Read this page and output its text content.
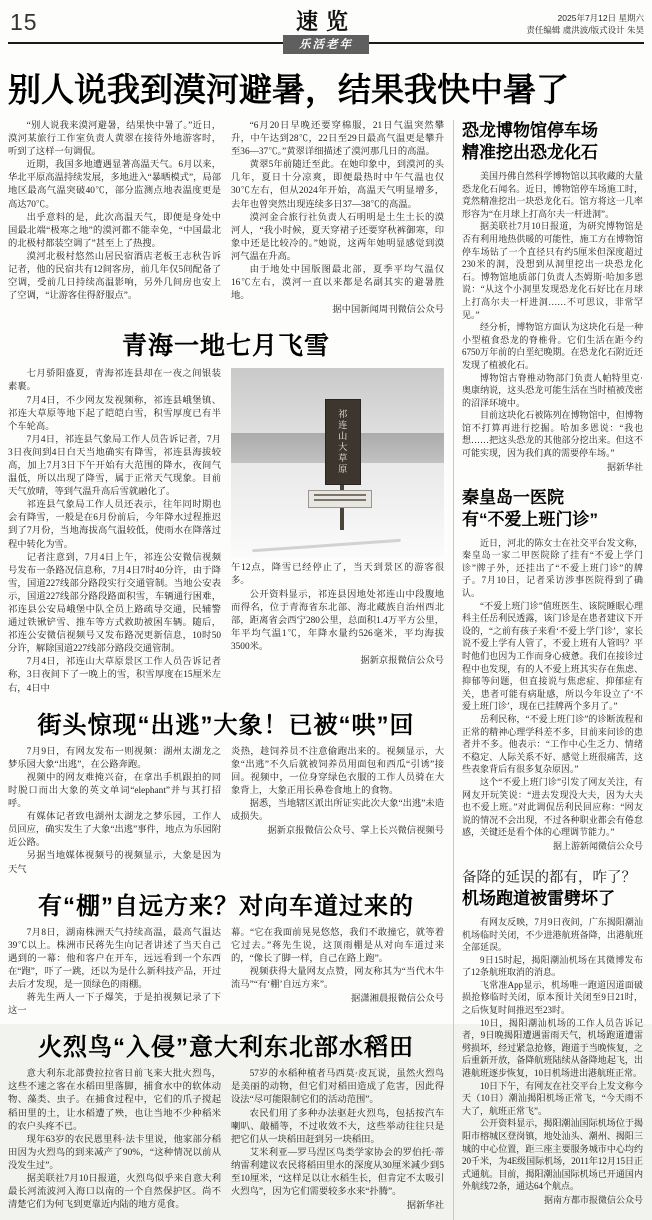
15	速览	2025年7月12日 星期六
责任编辑 虞洪波/版式设计 朱昊
乐活老年
别人说我到漠河避暑，结果我快中暑了

“别人说我来漠河避暑，结果快中暑了。”近日，漠河某旅行工作室负责人黄翠在接待外地游客时，听到了这样一句调侃。

近期，我国多地遭遇显著高温天气。6月以来，华北平原高温持续发展，多地进入“暴晒模式”，局部地区最高气温突破40℃，部分监测点地表温度更是高达70℃。

出乎意料的是，此次高温天气，即便是身处中国最北端“极寒之地”的漠河都不能幸免，“中国最北的北极村都装空调了”甚至上了热搜。

漠河北极村悠然山居民宿酒店老板王志秋告诉记者，他的民宿共有12间客房，前几年仅5间配备了空调，受前几日持续高温影响，另外几间房也安上了空调，“让游客住得舒服点”。

“6月20日早晚还要穿棉服，21日气温突然攀升，中午达到28℃，22日至29日最高气温更是攀升至36—37℃。”黄翠详细描述了漠河那几日的高温。

黄翠5年前随迁至此。在她印象中，到漠河的头几年，夏日十分凉爽，即便最热时中午气温也仅30℃左右，但从2024年开始，高温天气明显增多，去年也曾突然出现连续多日37—38℃的高温。

漠河金合旅行社负责人石明明是土生土长的漠河人，“我小时候，夏天穿裙子还要穿秋裤御寒，印象中还是比较冷的。”她说，这两年她明显感觉到漠河气温在升高。

由于地处中国版图最北部，夏季平均气温仅16℃左右，漠河一直以来都是名副其实的避暑胜地。

据中国新闻周刊微信公众号
青海一地七月飞雪

七月骄阳盛夏，青海祁连县却在一夜之间银装素裹。

7月4日，不少网友发视频称，祁连县峨堡镇、祁连大草原等地下起了皑皑白雪，积雪厚度已有半个车轮高。

7月4日，祁连县气象局工作人员告诉记者，7月3日夜间到4日白天当地确实有降雪，祁连县海拔较高，加上7月3日下午开始有大范围的降水，夜间气温低，所以出现了降雪，属于正常天气现象。目前天气放晴，等到气温升高后雪就融化了。

祁连县气象局工作人员还表示，往年同时期也会有降雪，一般是在6月份前后，今年降水过程推迟到了7月份，当地海拔高气温较低，使雨水在降落过程中转化为雪。

记者注意到，7月4日上午，祁连公安微信视频号发布一条路况信息称，7月4日7时40分许，由于降雪，国道227线部分路段实行交通管制。当地公安表示，国道227线部分路段路面积雪，车辆通行困难，祁连县公安局峨堡中队全员上路疏导交通，民辅警通过铁锹铲雪、推车等方式救助被困车辆。随后，祁连公安微信视频号又发布路况更新信息，10时50分许，解除国道227线部分路段交通管制。

7月4日，祁连山大草原景区工作人员告诉记者称，3日夜间下了一晚上的雪，积雪厚度在15厘米左右，4日中

祁连山大草原

午12点，降雪已经停止了，当天到景区的游客很多。

公开资料显示，祁连县因地处祁连山中段腹地而得名，位于青海省东北部、海北藏族自治州西北部，距离省会西宁280公里，总面积1.4万平方公里，年平均气温1℃，年降水量约526毫米，平均海拔3500米。

据新京报微信公众号
街头惊现“出逃”大象！已被“哄”回

7月9日，有网友发布一则视频：湖州太湖龙之梦乐园大象“出逃”，在公路奔跑。

视频中的网友难掩兴奋，在拿出手机跟拍的同时脱口而出大象的英文单词“elephant”并与其打招呼。

有媒体记者致电湖州太湖龙之梦乐园，工作人员回应，确实发生了大象“出逃”事件，地点为乐园附近公路。

另据当地媒体视频号的视频显示，大象是因为天气

炎热，趁饲养员不注意偷跑出来的。视频显示，大象“出逃”不久后就被饲养员用面包和西瓜“引诱”接回。视频中，一位身穿绿色衣服的工作人员骑在大象背上，大象正用长鼻卷食地上的食物。

据悉，当地辖区派出所证实此次大象“出逃”未造成损失。

据新京报微信公众号、掌上长兴微信视频号
有“棚”自远方来？对向车道过来的

7月8日，湖南株洲天气持续高温，最高气温达39℃以上。株洲市民蒋先生向记者讲述了当天自己遇到的一幕：他和客户在开车，远远看到一个东西在“跑”，吓了一跳，还以为是什么新科技产品，开过去后才发现，是一顶绿色的雨棚。

蒋先生两人一下子爆笑，于是拍视频记录了下这一

幕。“它在我面前晃晃悠悠，我们不敢撞它，就等着它过去。”蒋先生说，这顶雨棚是从对向车道过来的，“像长了脚一样，自己在路上跑”。

视频获得大量网友点赞，网友称其为“当代木牛流马”“有‘棚’自远方来”。

据潇湘晨报微信公众号
火烈鸟“入侵”意大利东北部水稻田

意大利东北部费拉拉省日前飞来大批火烈鸟，这些不速之客在水稻田里落脚，捕食水中的软体动物、藻类、虫子。在捕食过程中，它们的爪子搅起稻田里的土，让水稻遭了殃，也让当地不少种稻米的农户头疼不已。

现年63岁的农民恩里科·法卡里说，他家部分稻田因为火烈鸟的到来减产了90%，“这种情况以前从没发生过”。

据美联社7月10日报道，火烈鸟似乎来自意大利最长河流波河入海口以南的一个自然保护区。尚不清楚它们为何飞到更靠近内陆的地方觅食。

57岁的水稻种植者马西莫·皮瓦说，虽然火烈鸟是美丽的动物，但它们对稻田造成了危害，因此得设法“尽可能限制它们的活动范围”。

农民们用了多种办法驱赶火烈鸟，包括按汽车喇叭、敲桶等，不过收效不大，这些举动往往只是把它们从一块稻田赶到另一块稻田。

艾米利亚—罗马涅区鸟类学家协会的罗伯托·蒂纳雷利建议农民将稻田里水的深度从30厘米减少到5至10厘米，“这样足以让水稻生长，但肯定不太吸引火烈鸟”，因为它们需要较多水来“扑腾”。

据新华社
恐龙博物馆停车场
精准挖出恐龙化石

美国丹佛自然科学博物馆以其收藏的大量恐龙化石闻名。近日，博物馆停车场施工时，竟然精准挖出一块恐龙化石。馆方将这一几率形容为“在月球上打高尔夫一杆进洞”。

据美联社7月10日报道，为研究博物馆是否有利用地热供暖的可能性，施工方在博物馆停车场钻了一个直径只有约5厘米但深度超过230米的洞，没想到从洞里挖出一块恐龙化石。博物馆地质部门负责人杰姆斯·哈加多恩说：“从这个小洞里发现恐龙化石好比在月球上打高尔夫一杆进洞……不可思议，非常罕见。”

经分析，博物馆方面认为这块化石是一种小型植食恐龙的脊椎骨。它们生活在距今约6750万年前的白垩纪晚期。在恐龙化石附近还发现了植被化石。

博物馆古脊椎动物部门负责人帕特里克·奥康纳说，这头恐龙可能生活在当时植被茂密的沼泽环境中。

目前这块化石被陈列在博物馆中，但博物馆不打算再进行挖掘。哈加多恩说：“我也想……把这头恐龙的其他部分挖出来。但这不可能实现，因为我们真的需要停车场。”

据新华社
秦皇岛一医院
有“不爱上班门诊”

近日，河北的陈女士在社交平台发文称，秦皇岛一家二甲医院除了挂有“不爱上学门诊”牌子外，还挂出了“不爱上班门诊”的牌子。7月10日，记者采访涉事医院得到了确认。

“不爱上班门诊”值班医生、该院睡眠心理科主任岳利民透露，该门诊是在患者建议下开设的，“之前有孩子来看‘不爱上学门诊’，家长说不爱上学有人管了，不爱上班有人管吗？平时他们也因为工作而身心疲惫。我们在接诊过程中也发现，有的人不爱上班其实存在焦虑、抑郁等问题，但直接说与焦虑症、抑郁症有关，患者可能有病耻感，所以今年设立了‘不爱上班门诊’，现在已挂牌两个多月了。”

岳利民称，“不爱上班门诊”的诊断流程和正常的精神心理学科差不多，目前来问诊的患者并不多。他表示：“工作中心生乏力、情绪不稳定、人际关系不好、感觉上班很痛苦，这些表象背后有很多复杂原因。”

这个“不爱上班门诊”引发了网友关注，有网友开玩笑说：“进去发现没大夫，因为大夫也不爱上班。”对此调侃岳利民回应称：“网友说的情况不会出现，不过各种职业都会有倦怠感，关键还是看个体的心理调节能力。”

据上游新闻微信公众号
备降的延误的都有，咋了？
机场跑道被雷劈坏了

有网友反映，7月9日夜间，广东揭阳潮汕机场临时关闭，不少进港航班备降，出港航班全部延误。

9日15时起，揭阳潮汕机场在其微博发布了12条航班取消的消息。

飞常准App显示，机场唯一跑道因道面破损抢修临时关闭，原本预计关闭至9日21时，之后恢复时间推迟至23时。

10日，揭阳潮汕机场的工作人员告诉记者，9日晚揭阳遭遇雷雨天气，机场跑道遭雷劈损坏，经过紧急抢修，跑道于当晚恢复，之后重新开放，备降航班陆续从备降地起飞，出港航班逐步恢复，10日机场进出港航班正常。

10日下午，有网友在社交平台上发文称今天（10日）潮汕揭阳机场正常飞，“今天雨不大了，航班正常飞”。

公开资料显示，揭阳潮汕国际机场位于揭阳市榕城区登岗镇，地处汕头、潮州、揭阳三城的中心位置，距三座主要服务城市中心均约20千米，为4E级国际机场，2011年12月15日正式通航。目前，揭阳潮汕国际机场已开通国内外航线72条，通达64个航点。

据南方都市报微信公众号
